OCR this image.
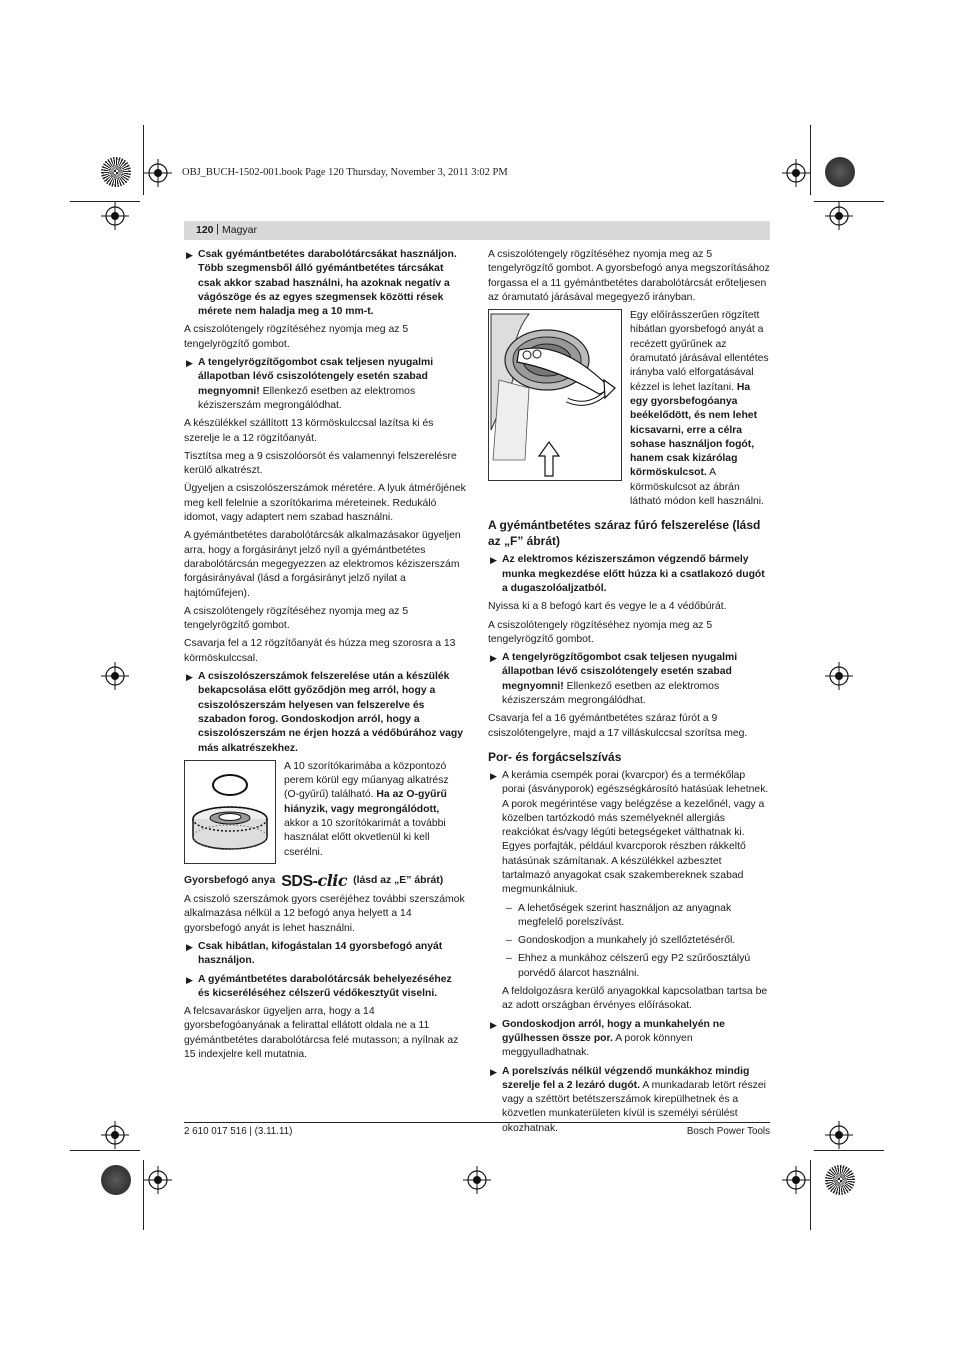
OBJ_BUCH-1502-001.book Page 120 Thursday, November 3, 2011 3:02 PM
120 | Magyar
▶ Csak gyémántbetétes darabolótárcsákat használjon. Több szegmensből álló gyémántbetétes tárcsákat csak akkor szabad használni, ha azoknak negatív a vágószöge és az egyes szegmensek közötti rések mérete nem haladja meg a 10 mm-t.

A csiszolótengely rögzítéséhez nyomja meg az 5 tengelyrögzítő gombot.

▶ A tengelyrögzítőgombot csak teljesen nyugalmi állapotban lévő csiszolótengely esetén szabad megnyomni! Ellenkező esetben az elektromos kéziszerszám megrongálódhat.

A készülékkel szállított 13 körmöskulccsal lazítsa ki és szerelje le a 12 rögzítőanyát.

Tisztítsa meg a 9 csiszolóorsót és valamennyi felszerelésre kerülő alkatrészt.

Ügyeljen a csiszolószerszámok méretére. A lyuk átmérőjének meg kell felelnie a szorítókarima méreteinek. Redukáló idomot, vagy adaptert nem szabad használni.

A gyémántbetétes darabolótárcsák alkalmazásakor ügyeljen arra, hogy a forgásirányt jelző nyíl a gyémántbetétes darabolótárcsán megegyezzen az elektromos kéziszerszám forgásirányával (lásd a forgásirányt jelző nyilat a hajtóműfejen).

A csiszolótengely rögzítéséhez nyomja meg az 5 tengelyrögzítő gombot.

Csavarja fel a 12 rögzítőanyát és húzza meg szorosra a 13 körmöskulccsal.

▶ A csiszolószerszámok felszerelése után a készülék bekapcsolása előtt győződjön meg arról, hogy a csiszolószerszám helyesen van felszerelve és szabadon forog. Gondoskodjon arról, hogy a csiszolószerszám ne érjen hozzá a védőbúrához vagy más alkatrészekhez.
A 10 szorítókarimába a központozó perem körül egy műanyag alkatrész (O-gyűrű) található. Ha az O-gyűrű hiányzik, vagy megrongálódott, akkor a 10 szorítókarimát a további használat előtt okvetlenül ki kell cserélni.
Gyorsbefogó anya SDS-clic (lásd az „E” ábrát)

A csiszoló szerszámok gyors cseréjéhez további szerszámok alkalmazása nélkül a 12 befogó anya helyett a 14 gyorsbefogó anyát is lehet használni.

▶ Csak hibátlan, kifogástalan 14 gyorsbefogó anyát használjon.
▶ A gyémántbetétes darabolótárcsák behelyezéséhez és kicseréléséhez célszerű védőkesztyűt viselni.

A felcsavaráskor ügyeljen arra, hogy a 14 gyorsbefogóanyának a felirattal ellátott oldala ne a 11 gyémántbetétes darabolótárcsa felé mutasson; a nyílnak az 15 indexjelre kell mutatnia.

A csiszolótengely rögzítéséhez nyomja meg az 5 tengelyrögzítő gombot. A gyorsbefogó anya megszorításához forgassa el a 11 gyémántbetétes darabolótárcsát erőteljesen az óramutató járásával megegyező irányban.

Egy előírásszerűen rögzített hibátlan gyorsbefogó anyát a recézett gyűrűnek az óramutató járásával ellentétes irányba való elforgatásával kézzel is lehet lazítani. Ha egy gyorsbefogóanya beékelődött, és nem lehet kicsavarni, erre a célra sohase használjon fogót, hanem csak kizárólag körmöskulcsot. A körmöskulcsot az ábrán látható módon kell használni.
A gyémántbetétes száraz fúró felszerelése (lásd az „F” ábrát)
▶ Az elektromos kéziszerszámon végzendő bármely munka megkezdése előtt húzza ki a csatlakozó dugót a dugaszolóaljzatból.

Nyissa ki a 8 befogó kart és vegye le a 4 védőbúrát.

A csiszolótengely rögzítéséhez nyomja meg az 5 tengelyrögzítő gombot.

▶ A tengelyrögzítőgombot csak teljesen nyugalmi állapotban lévő csiszolótengely esetén szabad megnyomni! Ellenkező esetben az elektromos kéziszerszám megrongálódhat.

Csavarja fel a 16 gyémántbetétes száraz fúrót a 9 csiszolótengelyre, majd a 17 villáskulccsal szorítsa meg.

Por- és forgácselszívás
▶ A kerámia csempék porai (kvarcpor) és a termékőlap porai (ásványporok) egészségkárosító hatásúak lehetnek. A porok megérintése vagy belégzése a kezelőnél, vagy a közelben tartózkodó más személyeknél allergiás reakciókat és/vagy légúti betegségeket válthatnak ki. Egyes porfajták, például kvarcporok részben rákkeltő hatásúnak számítanak. A készülékkel azbesztet tartalmazó anyagokat csak szakembereknek szabad megmunkálniuk.

– A lehetőségek szerint használjon az anyagnak megfelelő porelszívást.

– Gondoskodjon a munkahely jó szellőztetéséről.

– Ehhez a munkához célszerű egy P2 szűrőosztályú porvédő álarcot használni.

A feldolgozásra kerülő anyagokkal kapcsolatban tartsa be az adott országban érvényes előírásokat.

▶ Gondoskodjon arról, hogy a munkahelyén ne gyűlhessen össze por. A porok könnyen meggyulladhatnak.
▶ A porelszívás nélkül végzendő munkákhoz mindig szerelje fel a 2 lezáró dugót. A munkadarab letört részei vagy a széttört betétszerszámok kirepülhetnek és a közvetlen munkaterületen kívül is személyi sérülést okozhatnak.
2 610 017 516 | (3.11.11)	Bosch Power Tools
